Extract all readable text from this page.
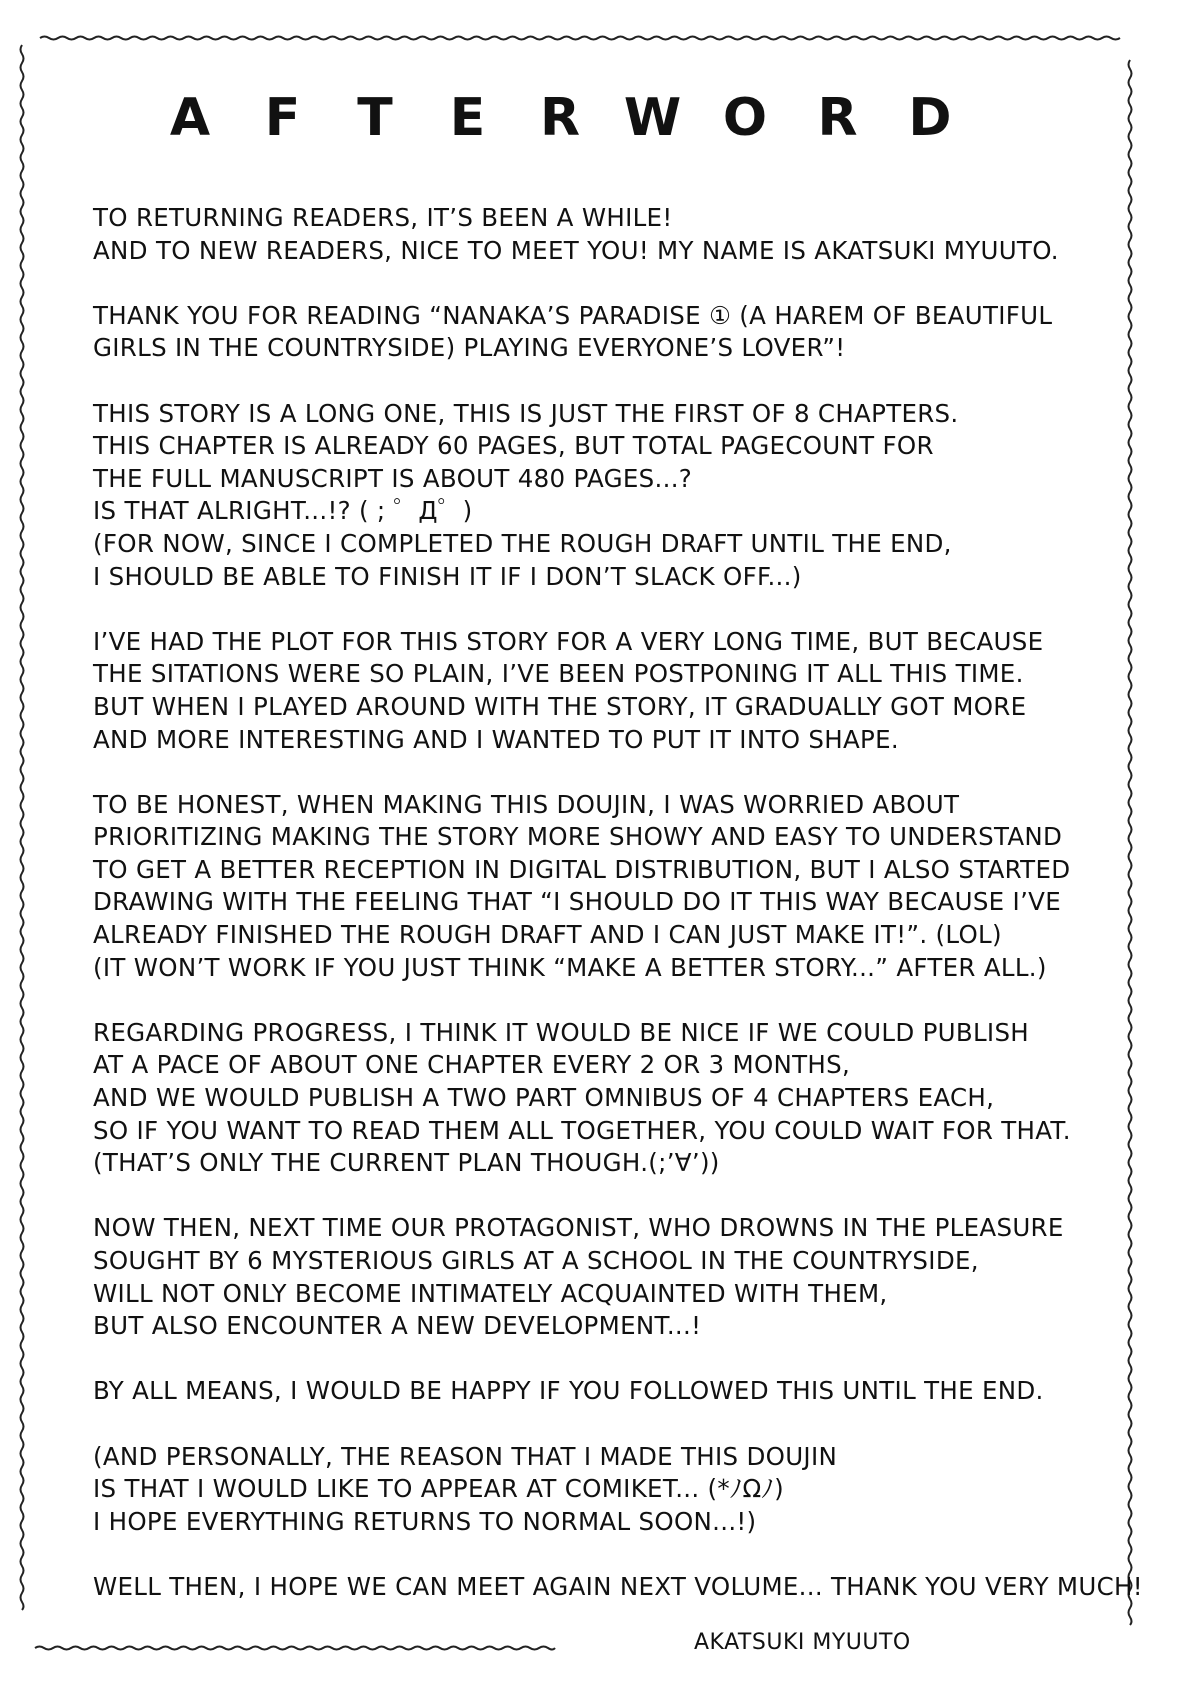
A F T E R W O R D
TO RETURNING READERS, IT’S BEEN A WHILE!
AND TO NEW READERS, NICE TO MEET YOU! MY NAME IS AKATSUKI MYUUTO.
THANK YOU FOR READING “NANAKA’S PARADISE ① (A HAREM OF BEAUTIFUL
GIRLS IN THE COUNTRYSIDE) PLAYING EVERYONE’S LOVER”!
THIS STORY IS A LONG ONE, THIS IS JUST THE FIRST OF 8 CHAPTERS.
THIS CHAPTER IS ALREADY 60 PAGES, BUT TOTAL PAGECOUNT FOR
THE FULL MANUSCRIPT IS ABOUT 480 PAGES...?
IS THAT ALRIGHT...!? ( ; ゜Д゜)
(FOR NOW, SINCE I COMPLETED THE ROUGH DRAFT UNTIL THE END,
I SHOULD BE ABLE TO FINISH IT IF I DON’T SLACK OFF...)
I’VE HAD THE PLOT FOR THIS STORY FOR A VERY LONG TIME, BUT BECAUSE
THE SITATIONS WERE SO PLAIN, I’VE BEEN POSTPONING IT ALL THIS TIME.
BUT WHEN I PLAYED AROUND WITH THE STORY, IT GRADUALLY GOT MORE
AND MORE INTERESTING AND I WANTED TO PUT IT INTO SHAPE.
TO BE HONEST, WHEN MAKING THIS DOUJIN, I WAS WORRIED ABOUT
PRIORITIZING MAKING THE STORY MORE SHOWY AND EASY TO UNDERSTAND
TO GET A BETTER RECEPTION IN DIGITAL DISTRIBUTION, BUT I ALSO STARTED
DRAWING WITH THE FEELING THAT “I SHOULD DO IT THIS WAY BECAUSE I’VE
ALREADY FINISHED THE ROUGH DRAFT AND I CAN JUST MAKE IT!”. (LOL)
(IT WON’T WORK IF YOU JUST THINK “MAKE A BETTER STORY...” AFTER ALL.)
REGARDING PROGRESS, I THINK IT WOULD BE NICE IF WE COULD PUBLISH
AT A PACE OF ABOUT ONE CHAPTER EVERY 2 OR 3 MONTHS,
AND WE WOULD PUBLISH A TWO PART OMNIBUS OF 4 CHAPTERS EACH,
SO IF YOU WANT TO READ THEM ALL TOGETHER, YOU COULD WAIT FOR THAT.
(THAT’S ONLY THE CURRENT PLAN THOUGH.(;’∀’))
NOW THEN, NEXT TIME OUR PROTAGONIST, WHO DROWNS IN THE PLEASURE
SOUGHT BY 6 MYSTERIOUS GIRLS AT A SCHOOL IN THE COUNTRYSIDE,
WILL NOT ONLY BECOME INTIMATELY ACQUAINTED WITH THEM,
BUT ALSO ENCOUNTER A NEW DEVELOPMENT...!
BY ALL MEANS, I WOULD BE HAPPY IF YOU FOLLOWED THIS UNTIL THE END.
(AND PERSONALLY, THE REASON THAT I MADE THIS DOUJIN
IS THAT I WOULD LIKE TO APPEAR AT COMIKET... (*ﾉΩﾉ)
I HOPE EVERYTHING RETURNS TO NORMAL SOON...!)
WELL THEN, I HOPE WE CAN MEET AGAIN NEXT VOLUME... THANK YOU VERY MUCH!
AKATSUKI MYUUTO
